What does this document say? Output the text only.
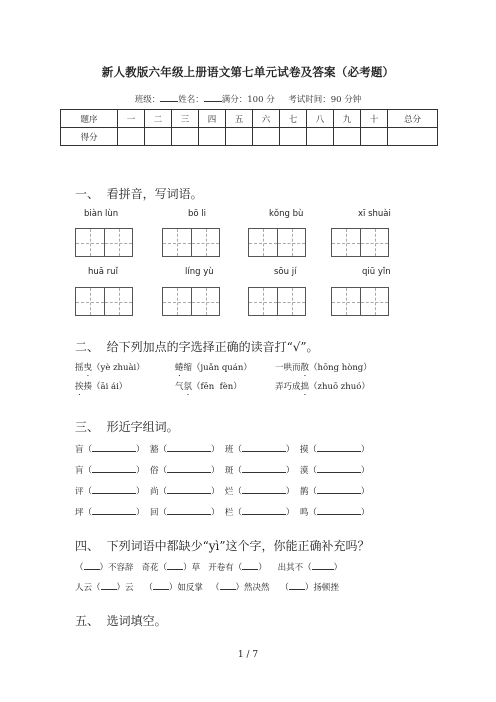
新人教版六年级上册语文第七单元试卷及答案（必考题）
班级： 姓名： 满分：100 分 考试时间：90 分钟
题序	一	二	三	四	五	六	七	八	九	十	总分
得分											
一、  看拼音，写词语。
biàn lùn	bō li	kǒng bù	xī shuài
huā ruǐ	líng yù	sōu jí	qiū yǐn
二、  给下列加点的字选择正确的读音打“√”。
摇曳（yè zhuài）	蜷缩（juǎn quán）	一哄而散（hōng hòng）
挨揍（āi ái）	气氛（fēn  fèn）	弄巧成拙（zhuō zhuó）
三、  形近字组词。
盲（	）  豁（	）  班（	）  摸（	）
肓（	）  俗（	）  斑（	）  漠（	）
评（	）  尚（	）  烂（	）  鹊（	）
坪（	）  回（	）  栏（	）  鸣（	）
四、  下列词语中都缺少“yì”这个字，你能正确补充吗？
（ ）不容辞 奇花（ ）草 开卷有（ ） 出其不（	）
人云（ ）云 （ ）如反掌 （ ）然决然 （ ）扬顿挫
五、  选词填空。
1 / 7
